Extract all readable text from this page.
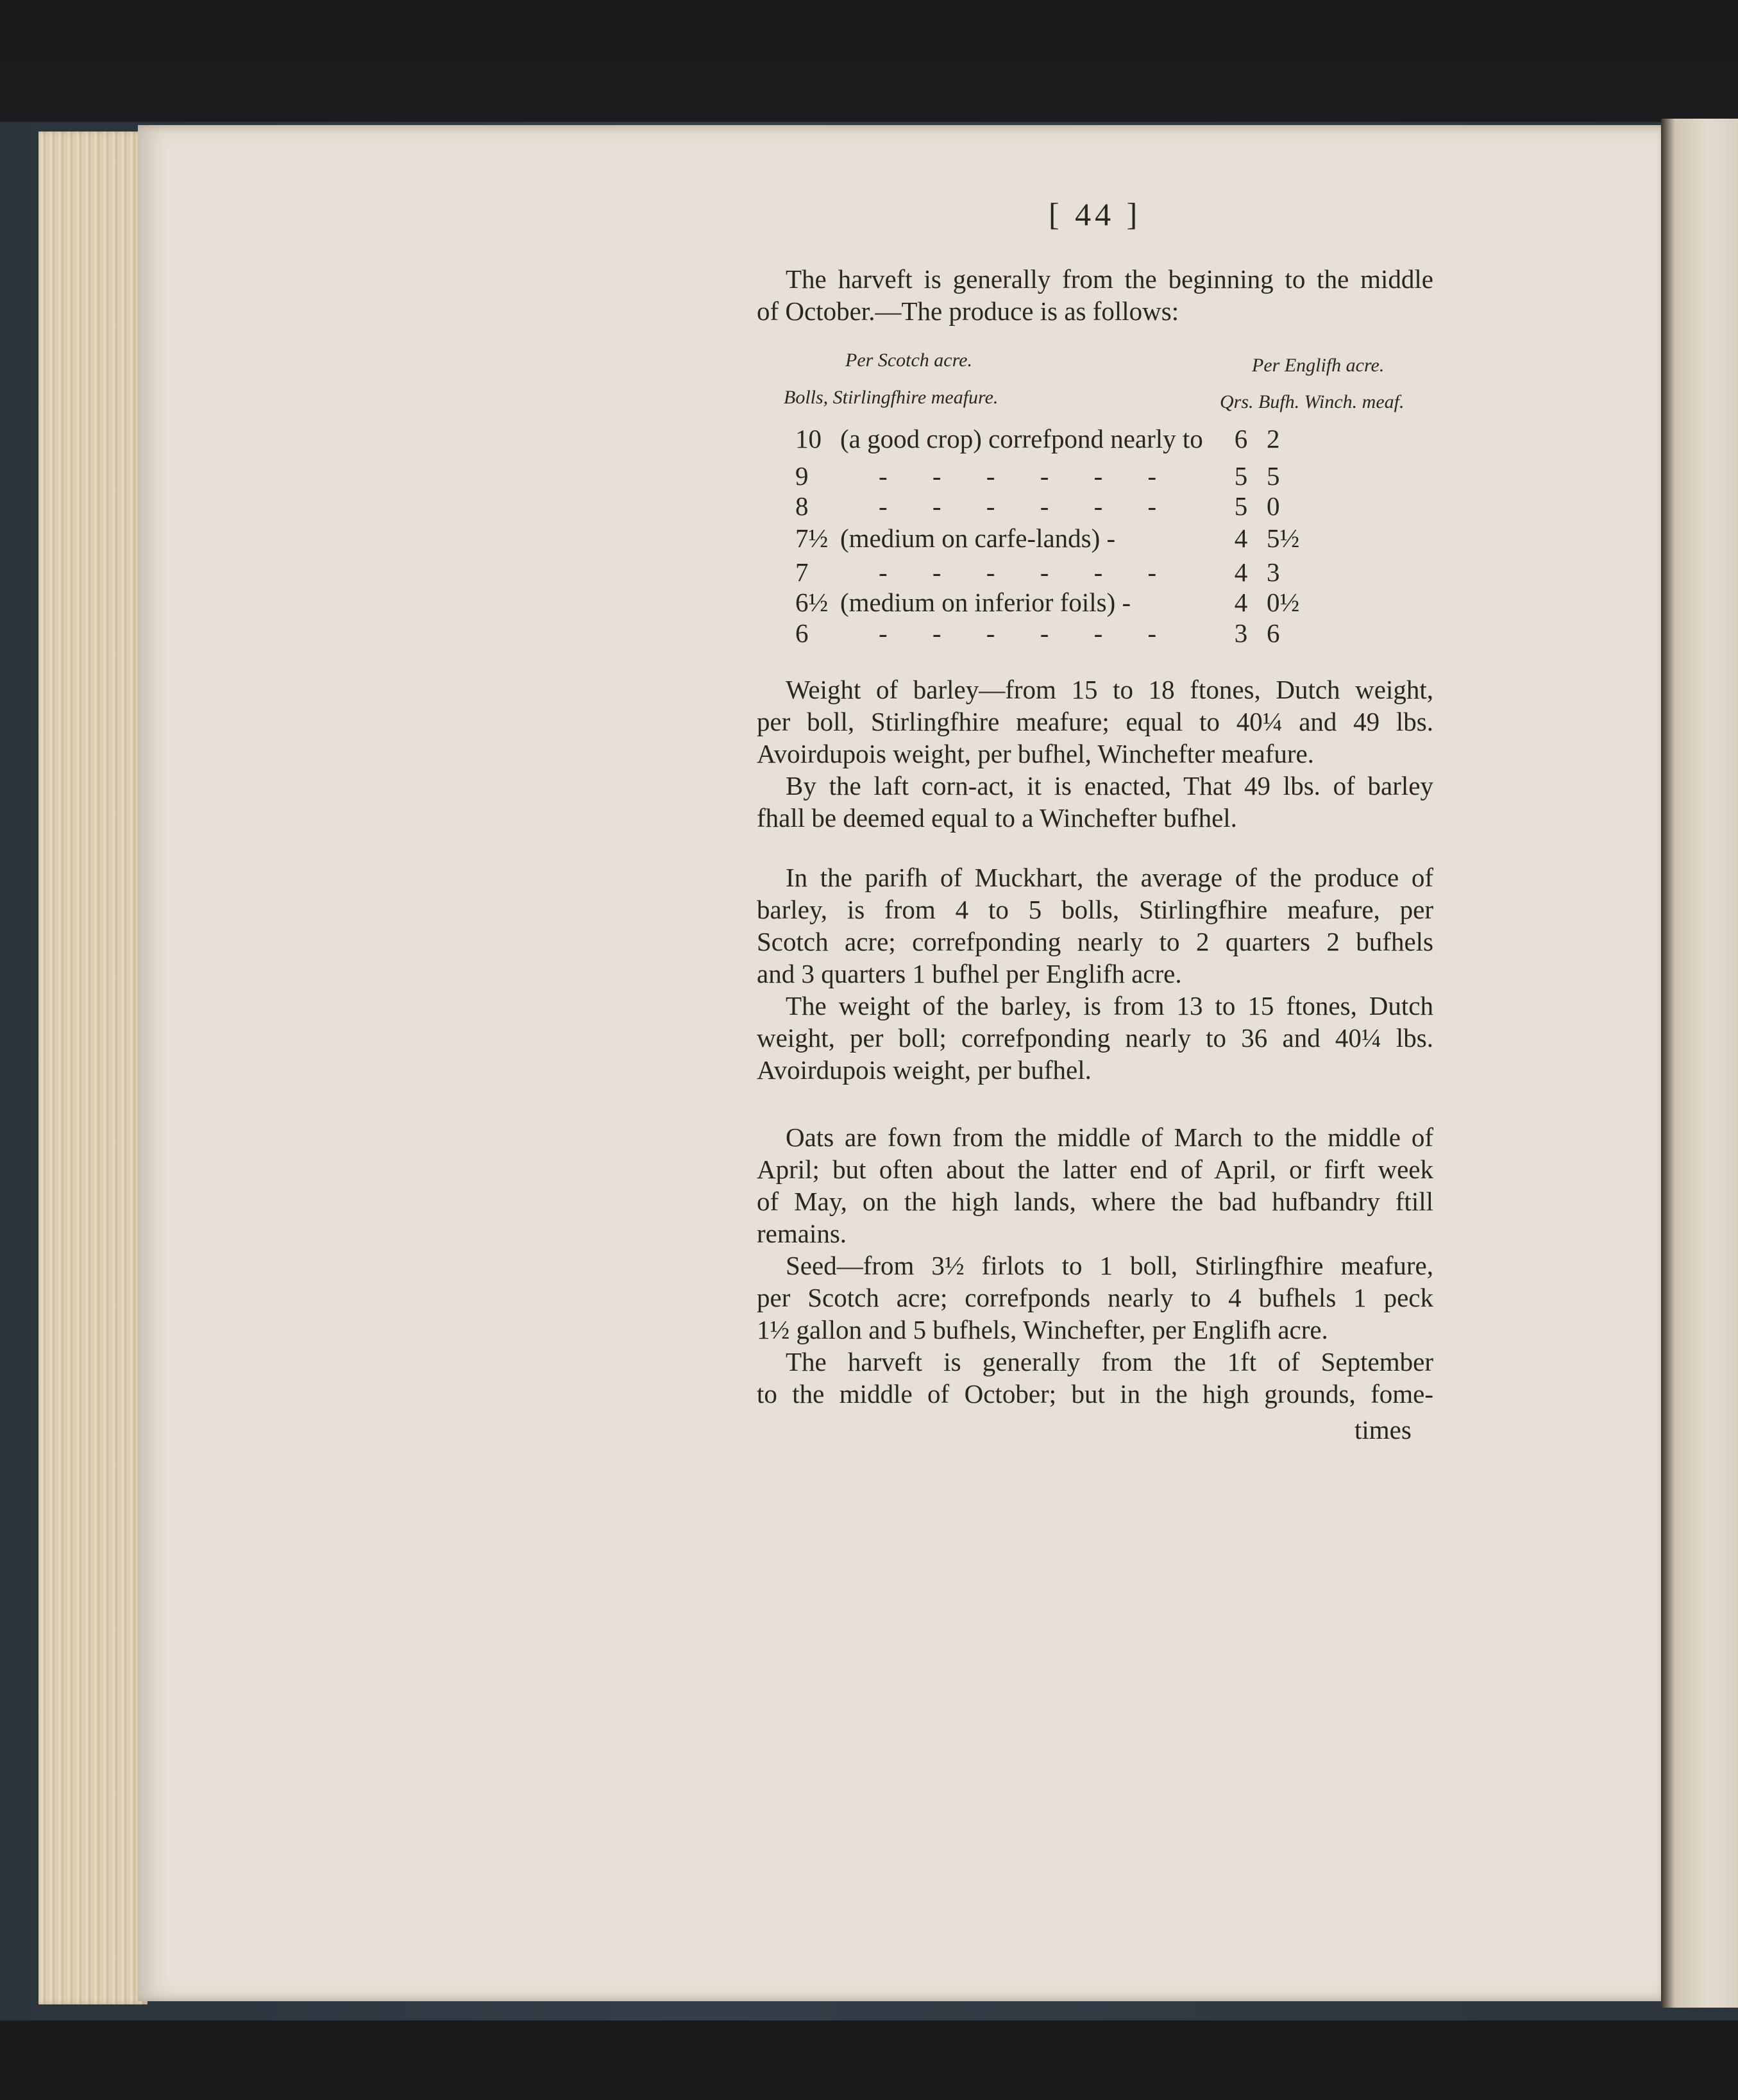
[ 44 ]
The harveft is generally from the beginning to the middle
of October.—The produce is as follows:
Per Scotch acre.	Per Englifh acre.
Bolls, Stirlingfhire meafure.	Qrs. Bufh. Winch. meaf.
10 (a good crop) correfpond nearly to 6 2
9	- - - - - -	5 5
8	- - - - - -	5 0
7½ (medium on carfe-lands) -	4 5½
7	- - - - - -	4 3
6½ (medium on inferior foils) -	4 0½
6	- - - - - -	3 6
Weight of barley—from 15 to 18 ftones, Dutch weight,
per boll, Stirlingfhire meafure; equal to 40¼ and 49 lbs.
Avoirdupois weight, per bufhel, Winchefter meafure.
By the laft corn-act, it is enacted, That 49 lbs. of barley
fhall be deemed equal to a Winchefter bufhel.
In the parifh of Muckhart, the average of the produce of
barley, is from 4 to 5 bolls, Stirlingfhire meafure, per
Scotch acre; correfponding nearly to 2 quarters 2 bufhels
and 3 quarters 1 bufhel per Englifh acre.
The weight of the barley, is from 13 to 15 ftones, Dutch
weight, per boll; correfponding nearly to 36 and 40¼ lbs.
Avoirdupois weight, per bufhel.
Oats are fown from the middle of March to the middle of
April; but often about the latter end of April, or firft week
of May, on the high lands, where the bad hufbandry ftill
remains.
Seed—from 3½ firlots to 1 boll, Stirlingfhire meafure,
per Scotch acre; correfponds nearly to 4 bufhels 1 peck
1½ gallon and 5 bufhels, Winchefter, per Englifh acre.
The harveft is generally from the 1ft of September
to the middle of October; but in the high grounds, fome-
times
